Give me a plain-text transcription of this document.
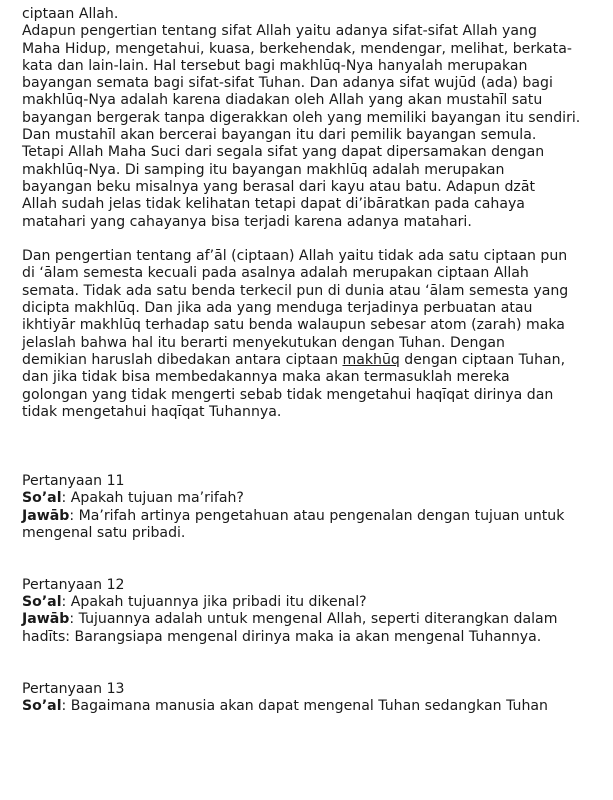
ciptaan Allah.
Adapun pengertian tentang sifat Allah yaitu adanya sifat-sifat Allah yang
Maha Hidup, mengetahui, kuasa, berkehendak, mendengar, melihat, berkata-
kata dan lain-lain. Hal tersebut bagi makhlūq-Nya hanyalah merupakan
bayangan semata bagi sifat-sifat Tuhan. Dan adanya sifat wujūd (ada) bagi
makhlūq-Nya adalah karena diadakan oleh Allah yang akan mustahīl satu
bayangan bergerak tanpa digerakkan oleh yang memiliki bayangan itu sendiri.
Dan mustahīl akan bercerai bayangan itu dari pemilik bayangan semula.
Tetapi Allah Maha Suci dari segala sifat yang dapat dipersamakan dengan
makhlūq-Nya. Di samping itu bayangan makhlūq adalah merupakan
bayangan beku misalnya yang berasal dari kayu atau batu. Adapun dzāt
Allah sudah jelas tidak kelihatan tetapi dapat di’ibāratkan pada cahaya
matahari yang cahayanya bisa terjadi karena adanya matahari.
Dan pengertian tentang af’āl (ciptaan) Allah yaitu tidak ada satu ciptaan pun
di ‘ālam semesta kecuali pada asalnya adalah merupakan ciptaan Allah
semata. Tidak ada satu benda terkecil pun di dunia atau ‘ālam semesta yang
dicipta makhlūq. Dan jika ada yang menduga terjadinya perbuatan atau
ikhtiyār makhlūq terhadap satu benda walaupun sebesar atom (zarah) maka
jelaslah bahwa hal itu berarti menyekutukan dengan Tuhan. Dengan
demikian haruslah dibedakan antara ciptaan makhūq dengan ciptaan Tuhan,
dan jika tidak bisa membedakannya maka akan termasuklah mereka
golongan yang tidak mengerti sebab tidak mengetahui haqīqat dirinya dan
tidak mengetahui haqīqat Tuhannya.
Pertanyaan 11
So’al: Apakah tujuan ma’rifah?
Jawāb: Ma’rifah artinya pengetahuan atau pengenalan dengan tujuan untuk
mengenal satu pribadi.
Pertanyaan 12
So’al: Apakah tujuannya jika pribadi itu dikenal?
Jawāb: Tujuannya adalah untuk mengenal Allah, seperti diterangkan dalam
hadīts: Barangsiapa mengenal dirinya maka ia akan mengenal Tuhannya.
Pertanyaan 13
So’al: Bagaimana manusia akan dapat mengenal Tuhan sedangkan Tuhan
